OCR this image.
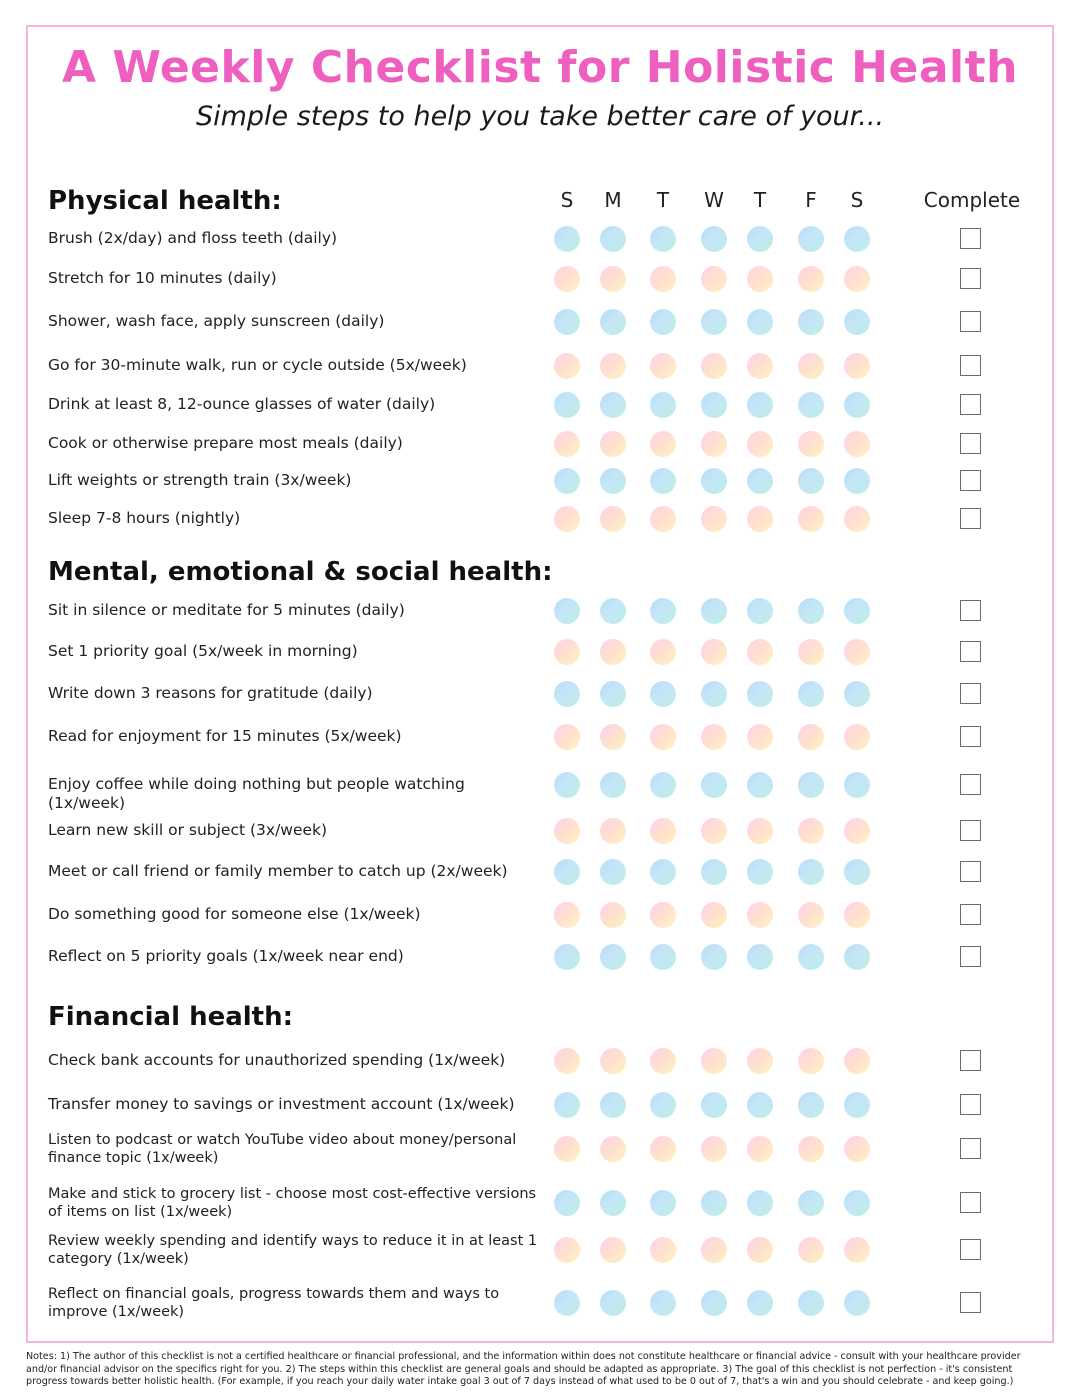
A Weekly Checklist for Holistic Health
Simple steps to help you take better care of your...
S	M	T	W	T	F	S	Complete
Physical health:
Brush (2x/day) and floss teeth (daily)
Stretch for 10 minutes (daily)
Shower, wash face, apply sunscreen (daily)
Go for 30-minute walk, run or cycle outside (5x/week)
Drink at least 8, 12-ounce glasses of water (daily)
Cook or otherwise prepare most meals (daily)
Lift weights or strength train (3x/week)
Sleep 7-8 hours (nightly)
Mental, emotional & social health:
Sit in silence or meditate for 5 minutes (daily)
Set 1 priority goal (5x/week in morning)
Write down 3 reasons for gratitude (daily)
Read for enjoyment for 15 minutes (5x/week)
Enjoy coffee while doing nothing but people watching (1x/week)
Learn new skill or subject (3x/week)
Meet or call friend or family member to catch up (2x/week)
Do something good for someone else (1x/week)
Reflect on 5 priority goals (1x/week near end)
Financial health:
Check bank accounts for unauthorized spending (1x/week)
Transfer money to savings or investment account (1x/week)
Listen to podcast or watch YouTube video about money/personal finance topic (1x/week)
Make and stick to grocery list - choose most cost-effective versions of items on list (1x/week)
Review weekly spending and identify ways to reduce it in at least 1 category (1x/week)
Reflect on financial goals, progress towards them and ways to improve (1x/week)
Notes: 1) The author of this checklist is not a certified healthcare or financial professional, and the information within does not constitute healthcare or financial advice - consult with your healthcare provider and/or financial advisor on the specifics right for you. 2) The steps within this checklist are general goals and should be adapted as appropriate. 3) The goal of this checklist is not perfection - it's consistent progress towards better holistic health. (For example, if you reach your daily water intake goal 3 out of 7 days instead of what used to be 0 out of 7, that's a win and you should celebrate - and keep going.)
